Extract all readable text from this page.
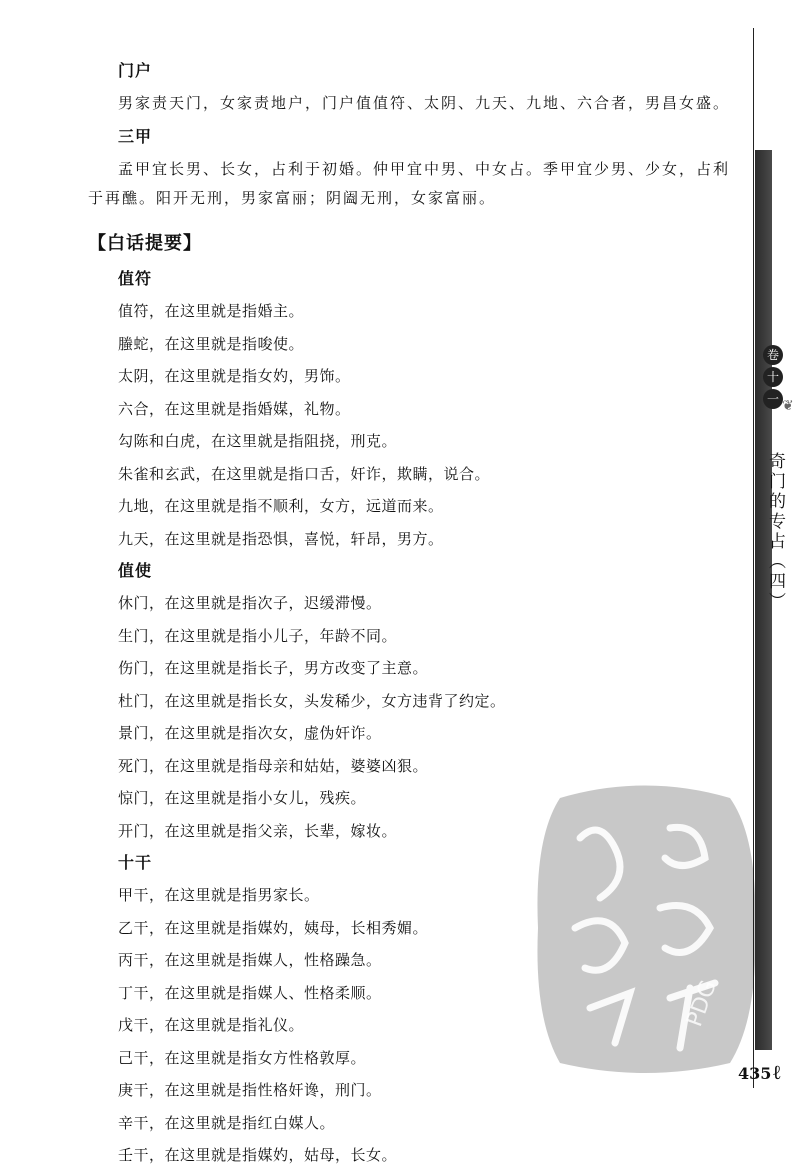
门户

男家责天门，女家责地户，门户值值符、太阴、九天、九地、六合者，男昌女盛。

三甲

孟甲宜长男、长女，占利于初婚。仲甲宜中男、中女占。季甲宜少男、少女，占利于再醮。阳开无刑，男家富丽；阴阖无刑，女家富丽。

【白话提要】
值符
值符，在这里就是指婚主。
螣蛇，在这里就是指唆使。
太阴，在这里就是指女妁，男饰。
六合，在这里就是指婚媒，礼物。
勾陈和白虎，在这里就是指阻挠，刑克。
朱雀和玄武，在这里就是指口舌，奸诈，欺瞒，说合。
九地，在这里就是指不顺利，女方，远道而来。
九天，在这里就是指恐惧，喜悦，轩昂，男方。
值使
休门，在这里就是指次子，迟缓滞慢。
生门，在这里就是指小儿子，年龄不同。
伤门，在这里就是指长子，男方改变了主意。
杜门，在这里就是指长女，头发稀少，女方违背了约定。
景门，在这里就是指次女，虚伪奸诈。
死门，在这里就是指母亲和姑姑，婆婆凶狠。
惊门，在这里就是指小女儿，残疾。
开门，在这里就是指父亲，长辈，嫁妆。
十干
甲干，在这里就是指男家长。
乙干，在这里就是指媒妁，姨母，长相秀媚。
丙干，在这里就是指媒人，性格躁急。
丁干，在这里就是指媒人、性格柔顺。
戊干，在这里就是指礼仪。
己干，在这里就是指女方性格敦厚。
庚干，在这里就是指性格奸谗，刑门。
辛干，在这里就是指红白媒人。
壬干，在这里就是指媒妁，姑母，长女。
PDG
卷
十
一 ❦
奇门的专占（四）
435 ℓ
